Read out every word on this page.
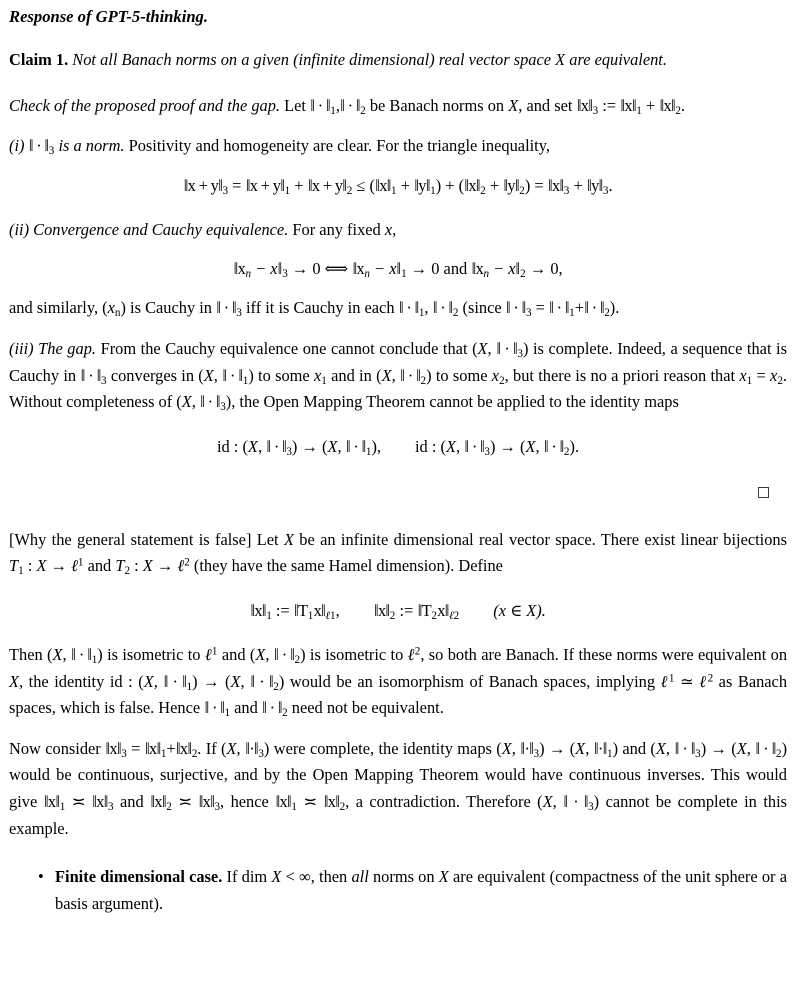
Response of GPT-5-thinking.
Claim 1. Not all Banach norms on a given (infinite dimensional) real vector space X are equivalent.
Check of the proposed proof and the gap. Let ‖ · $‖_1,‖$ · $‖_2$ be Banach norms on X, and set $‖x‖_3$ := $‖x‖_1$ + $‖x‖_2$.
(i) ‖ · $‖_3$ is a norm. Positivity and homogeneity are clear. For the triangle inequality,
‖x + $y‖_3$ = ‖x + $y‖_1$ + ‖x + $y‖_2$ ≤ ($‖x‖_1$ + $‖y‖_1$) + ($‖x‖_2$ + $‖y‖_2$) = $‖x‖_3$ + $‖y‖_3$.
(ii) Convergence and Cauchy equivalence. For any fixed x,
$‖x_n$ − $x‖_3 \to 0$ ⟺ $‖x_n$ − $x‖_1 \to 0$ and $‖x_n$ − $x‖_2 \to 0$,
and similarly, $(x_n)$ is Cauchy in ‖ · $‖_3$ iff it is Cauchy in each ‖ · $‖_1$, ‖ · $‖_2$ (since ‖ · $‖_3$ = ‖ · $‖_1+‖$ · $‖_2$).
(iii) The gap. From the Cauchy equivalence one cannot conclude that (X, ‖ · $‖_3$) is complete. Indeed, a sequence that is Cauchy in ‖ · $‖_3$ converges in (X, ‖ · $‖_1$) to some $x_1$ and in (X, ‖ · $‖_2$) to some $x_2$, but there is no a priori reason that $x_1 = x_2$. Without completeness of (X, ‖ · $‖_3$), the Open Mapping Theorem cannot be applied to the identity maps
id : (X, ‖ · $‖_3) \to (X$, ‖ · $‖_1$), id : (X, ‖ · $‖_3) \to (X$, ‖ · $‖_2$).
[Why the general statement is false] Let X be an infinite dimensional real vector space. There exist linear bijections $T_1$ : X → ℓ$^1$ and $T_2$ : X → ℓ$^2$ (they have the same Hamel dimension). Define
$‖x‖_1$ := $‖T_1x‖_{\ell 1}$, $‖x‖_2$ := $‖T_2x‖_{\ell 2}$ (x ∈ X).
Then (X, ‖ · $‖_1$) is isometric to ℓ$^1$ and (X, ‖ · $‖_2$) is isometric to ℓ$^2$, so both are Banach. If these norms were equivalent on X, the identity id : (X, ‖ · $‖_1) \to (X$, ‖ · $‖_2$) would be an isomorphism of Banach spaces, implying ℓ$^1$ ≃ ℓ$^2$ as Banach spaces, which is false. Hence ‖ · $‖_1$ and ‖ · $‖_2$ need not be equivalent.
Now consider $‖x‖_3$ = $‖x‖_1+‖x‖_2$. If (X, $‖\cdot‖_3$) were complete, the identity maps (X, $‖\cdot‖_3) \to (X$, $‖\cdot‖_1$) and (X, ‖ · $‖_3) \to (X$, ‖ · $‖_2$) would be continuous, surjective, and by the Open Mapping Theorem would have continuous inverses. This would give $‖x‖_1$ ≍ $‖x‖_3$ and $‖x‖_2$ ≍ $‖x‖_3$, hence $‖x‖_1$ ≍ $‖x‖_2$, a contradiction. Therefore (X, ‖ · $‖_3$) cannot be complete in this example.
• Finite dimensional case. If dim X < ∞, then all norms on X are equivalent (compactness of the unit sphere or a basis argument).
